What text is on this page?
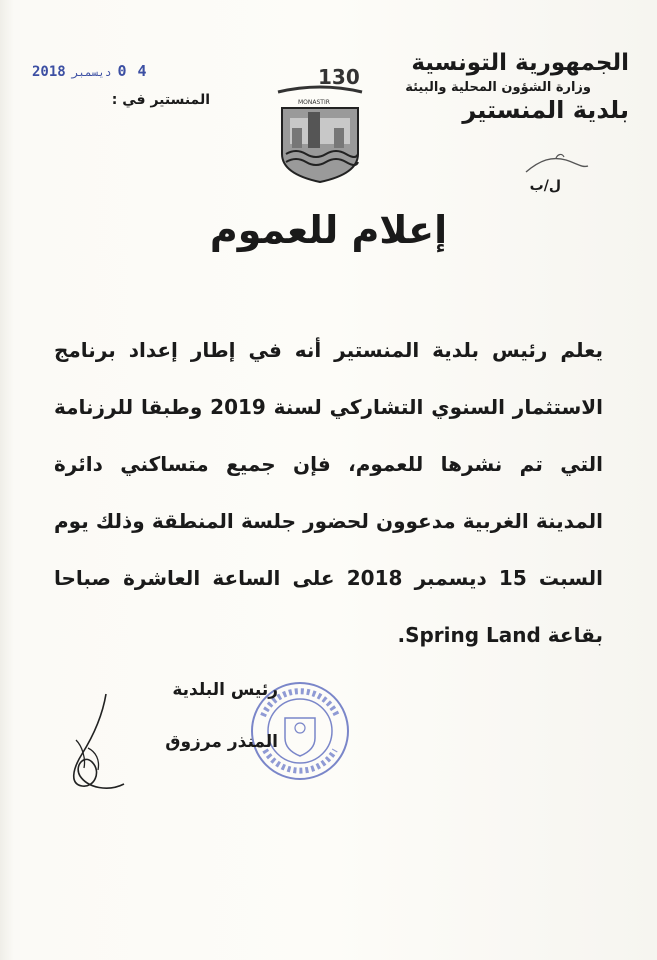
الجمهورية التونسية
وزارة الشؤون المحلية والبيئة
بلدية المنستير
ل/ب
2018 ديسمبر 0 4
المنستير في :
130
MONASTIR
إعلام للعموم
يعلم رئيس بلدية المنستير أنه في إطار إعداد برنامج الاستثمار السنوي التشاركي لسنة 2019 وطبقا للرزنامة التي تم نشرها للعموم، فإن جميع متساكني دائرة المدينة الغربية مدعوون لحضور جلسة المنطقة وذلك يوم السبت 15 ديسمبر 2018 على الساعة العاشرة صباحا بقاعة Spring Land.
رئيس البلدية
المنذر مرزوق
